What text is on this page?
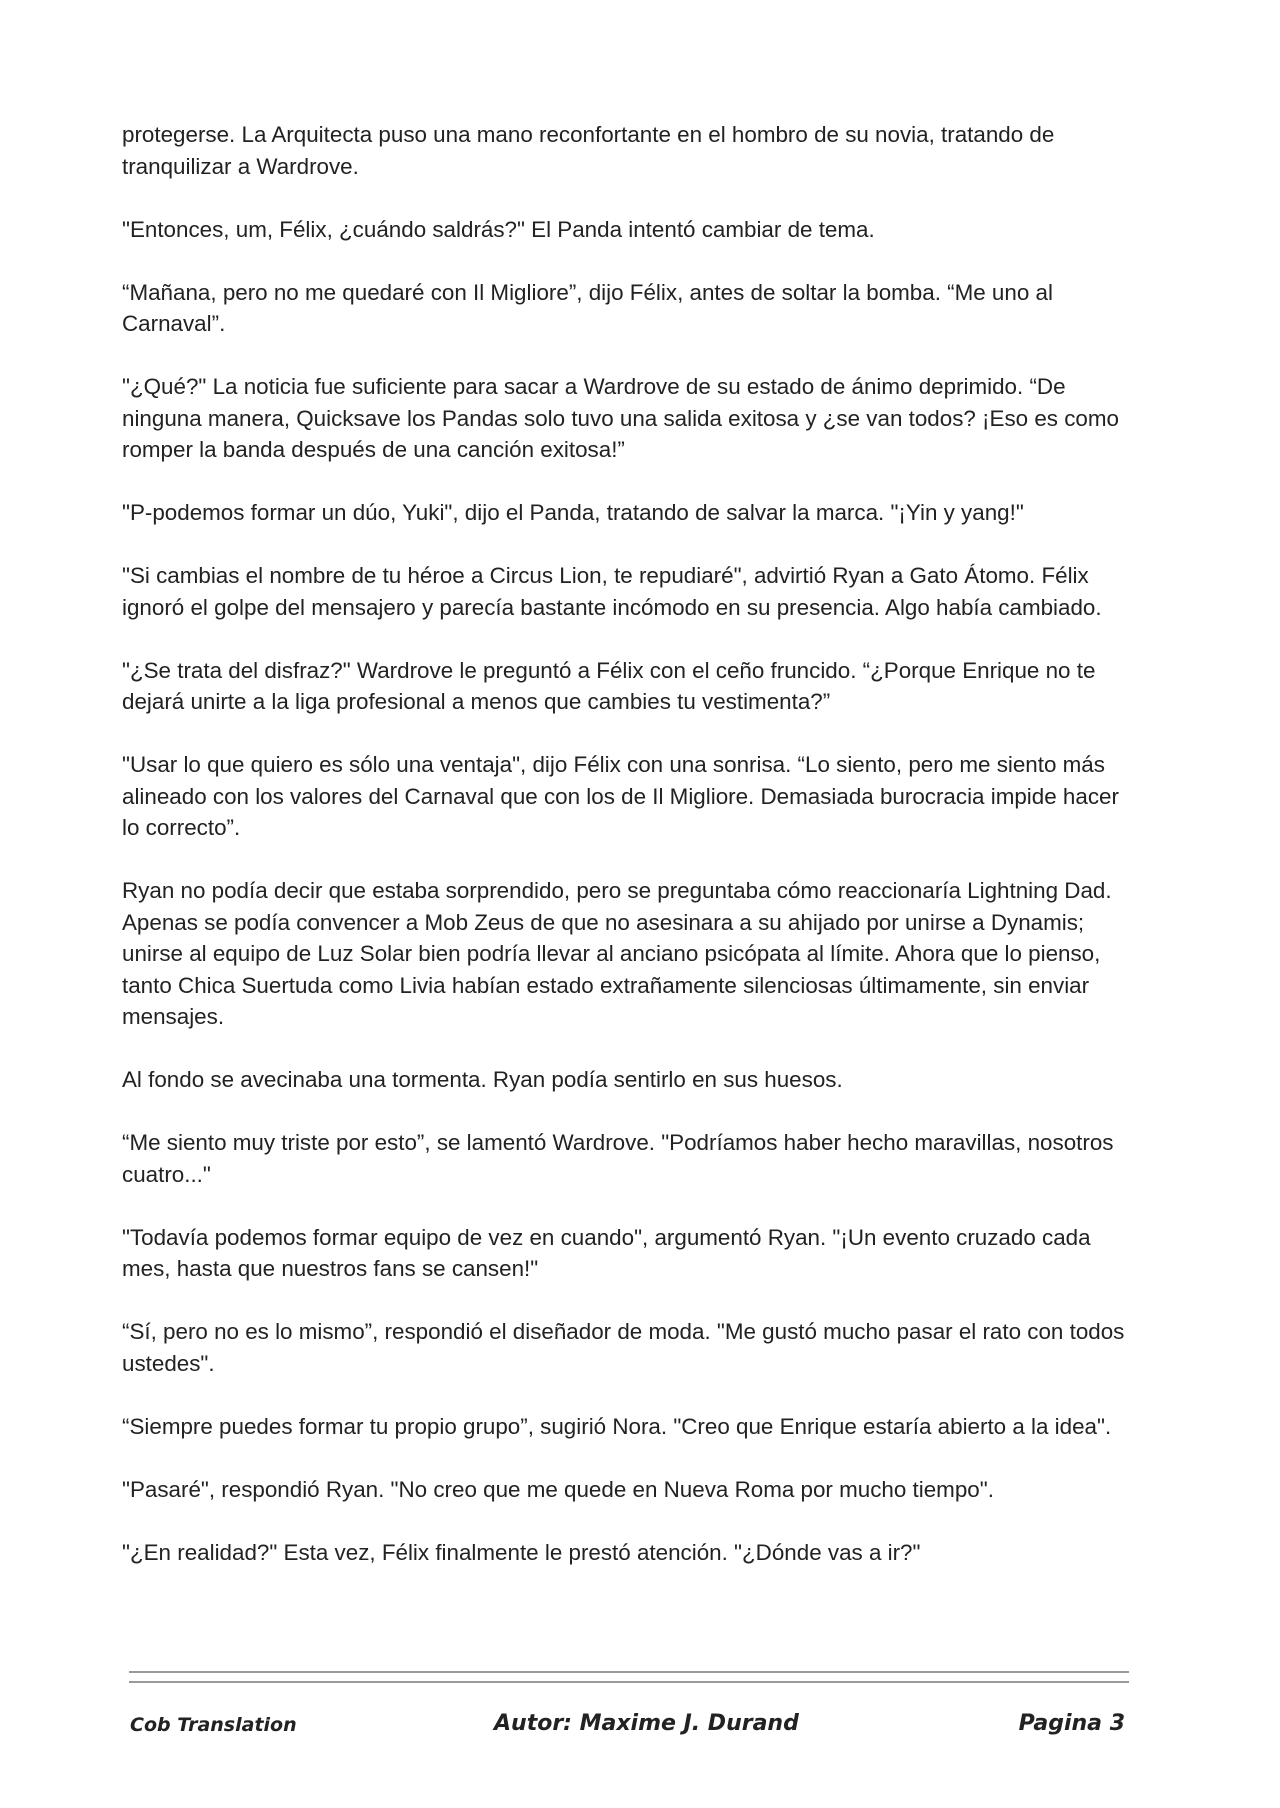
protegerse. La Arquitecta puso una mano reconfortante en el hombro de su novia, tratando de tranquilizar a Wardrove.

"Entonces, um, Félix, ¿cuándo saldrás?" El Panda intentó cambiar de tema.

“Mañana, pero no me quedaré con Il Migliore”, dijo Félix, antes de soltar la bomba. “Me uno al Carnaval”.

"¿Qué?" La noticia fue suficiente para sacar a Wardrove de su estado de ánimo deprimido. “De ninguna manera, Quicksave los Pandas solo tuvo una salida exitosa y ¿se van todos? ¡Eso es como romper la banda después de una canción exitosa!”

"P-podemos formar un dúo, Yuki", dijo el Panda, tratando de salvar la marca. "¡Yin y yang!"

"Si cambias el nombre de tu héroe a Circus Lion, te repudiaré", advirtió Ryan a Gato Átomo. Félix ignoró el golpe del mensajero y parecía bastante incómodo en su presencia. Algo había cambiado.

"¿Se trata del disfraz?" Wardrove le preguntó a Félix con el ceño fruncido. “¿Porque Enrique no te dejará unirte a la liga profesional a menos que cambies tu vestimenta?”

"Usar lo que quiero es sólo una ventaja", dijo Félix con una sonrisa. “Lo siento, pero me siento más alineado con los valores del Carnaval que con los de Il Migliore. Demasiada burocracia impide hacer lo correcto”.

Ryan no podía decir que estaba sorprendido, pero se preguntaba cómo reaccionaría Lightning Dad. Apenas se podía convencer a Mob Zeus de que no asesinara a su ahijado por unirse a Dynamis; unirse al equipo de Luz Solar bien podría llevar al anciano psicópata al límite. Ahora que lo pienso, tanto Chica Suertuda como Livia habían estado extrañamente silenciosas últimamente, sin enviar mensajes.

Al fondo se avecinaba una tormenta. Ryan podía sentirlo en sus huesos.

“Me siento muy triste por esto”, se lamentó Wardrove. "Podríamos haber hecho maravillas, nosotros cuatro..."

"Todavía podemos formar equipo de vez en cuando", argumentó Ryan. "¡Un evento cruzado cada mes, hasta que nuestros fans se cansen!"

“Sí, pero no es lo mismo”, respondió el diseñador de moda. "Me gustó mucho pasar el rato con todos ustedes".

“Siempre puedes formar tu propio grupo”, sugirió Nora. "Creo que Enrique estaría abierto a la idea".

"Pasaré", respondió Ryan. "No creo que me quede en Nueva Roma por mucho tiempo".

"¿En realidad?" Esta vez, Félix finalmente le prestó atención. "¿Dónde vas a ir?"

Cob Translation	Autor: Maxime J. Durand	Pagina 3
